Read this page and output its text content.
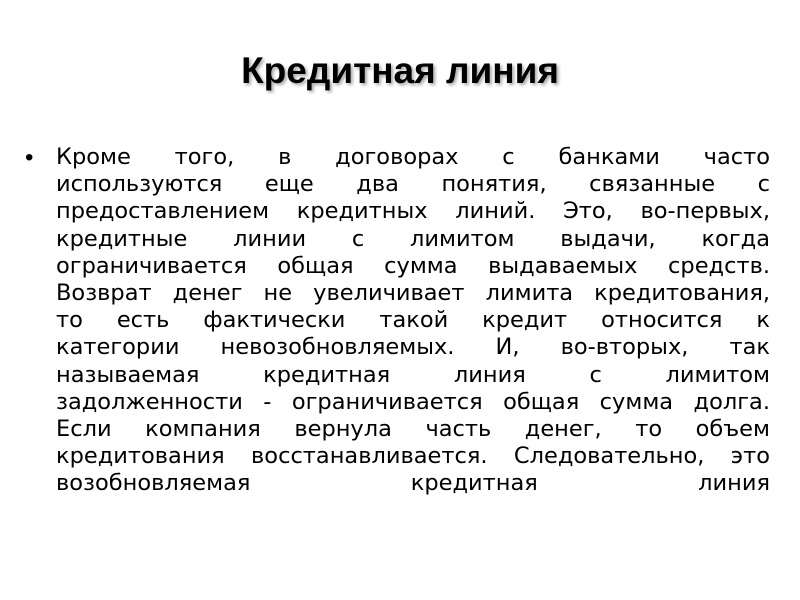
Кредитная линия
• Кроме того, в договорах с банками часто
используются еще два понятия, связанные с
предоставлением кредитных линий. Это, во-первых,
кредитные линии с лимитом выдачи, когда
ограничивается общая сумма выдаваемых средств.
Возврат денег не увеличивает лимита кредитования,
то есть фактически такой кредит относится к
категории невозобновляемых. И, во-вторых, так
называемая кредитная линия с лимитом
задолженности - ограничивается общая сумма долга.
Если компания вернула часть денег, то объем
кредитования восстанавливается. Следовательно, это
возобновляемая кредитная линия
